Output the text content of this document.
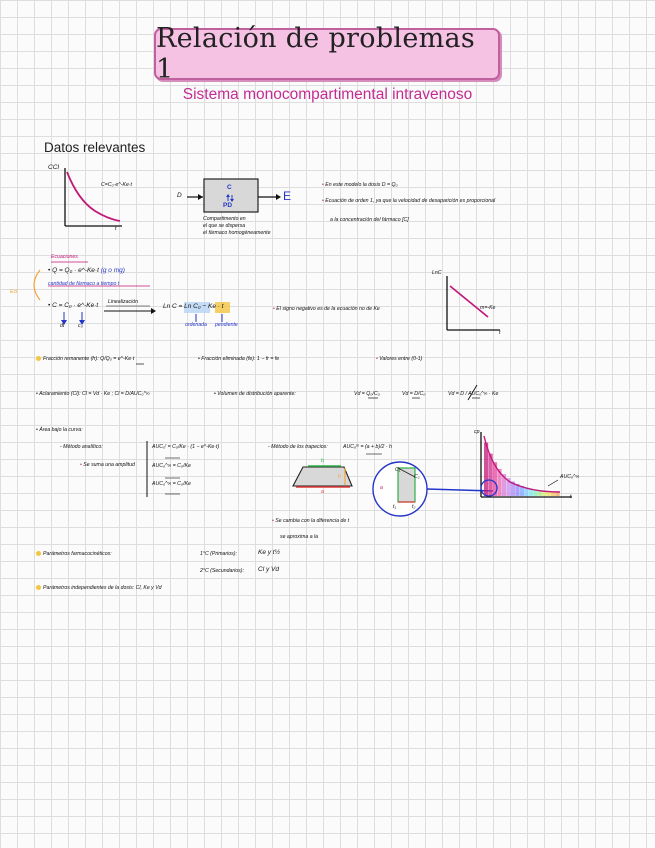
Relación de problemas 1
Sistema monocompartimental intravenoso
Datos relevantes
CCI
C=C₀·e^-Ke·t
t
D	E
C
PD
Compartimento en
el que se dispersa
el fármaco homogéneamente
• En este modelo la dosis D = Q₀
• Ecuación de orden 1, ya que la velocidad de desaparición es proporcional
a la concentración del fármaco [C]
Ecuaciones
Ecl
• Q = Q₀ · e^-Ke·t (g o mg)
cantidad de fármaco a tiempo t
• C = C₀ · e^-Ke·t
dt	c₀
Linealización
Ln C = Ln C₀ − Ke · t
ordenada pendiente
LnC
m=-Ke
t
• El signo negativo es de la ecuación no de Ke
Fracción remanente (fr): Q/Q₀ = e^-Ke·t	• Fracción eliminada (fe): 1 − fr = fe	• Valores entre (0-1)
• Aclaramiento (Cl): Cl = Vd · Ke ; Cl = D/AUC₀^∞	• Volumen de distribución aparente:	Vd = Q₀/C₀	Vd = D/C₀	Vd = D / AUC₀^∞ · Ke
• Área bajo la curva:
- Método analítico:
• Se suma una amplitud
AUC₀ᵗ = C₀/Ke · (1 − e^-Ke·t)
AUC₀^∞ = C₀/Ke
AUC₀^∞ = C₀/Ke
- Método de los trapecios:	AUC₀ᵗⁿ = (a + b)/2 · h
b
a
h
a
C₂
C₁
t₁	t₂
• Se cambia con la diferencia de t
se aproxima a la
cp
t
AUC₀^∞
Parámetros farmacocinéticos:	1°C (Primarios):	Ke y t½
2°C (Secundarios): Cl y Vd
Parámetros independientes de la dosis: Cl, Ke y Vd
